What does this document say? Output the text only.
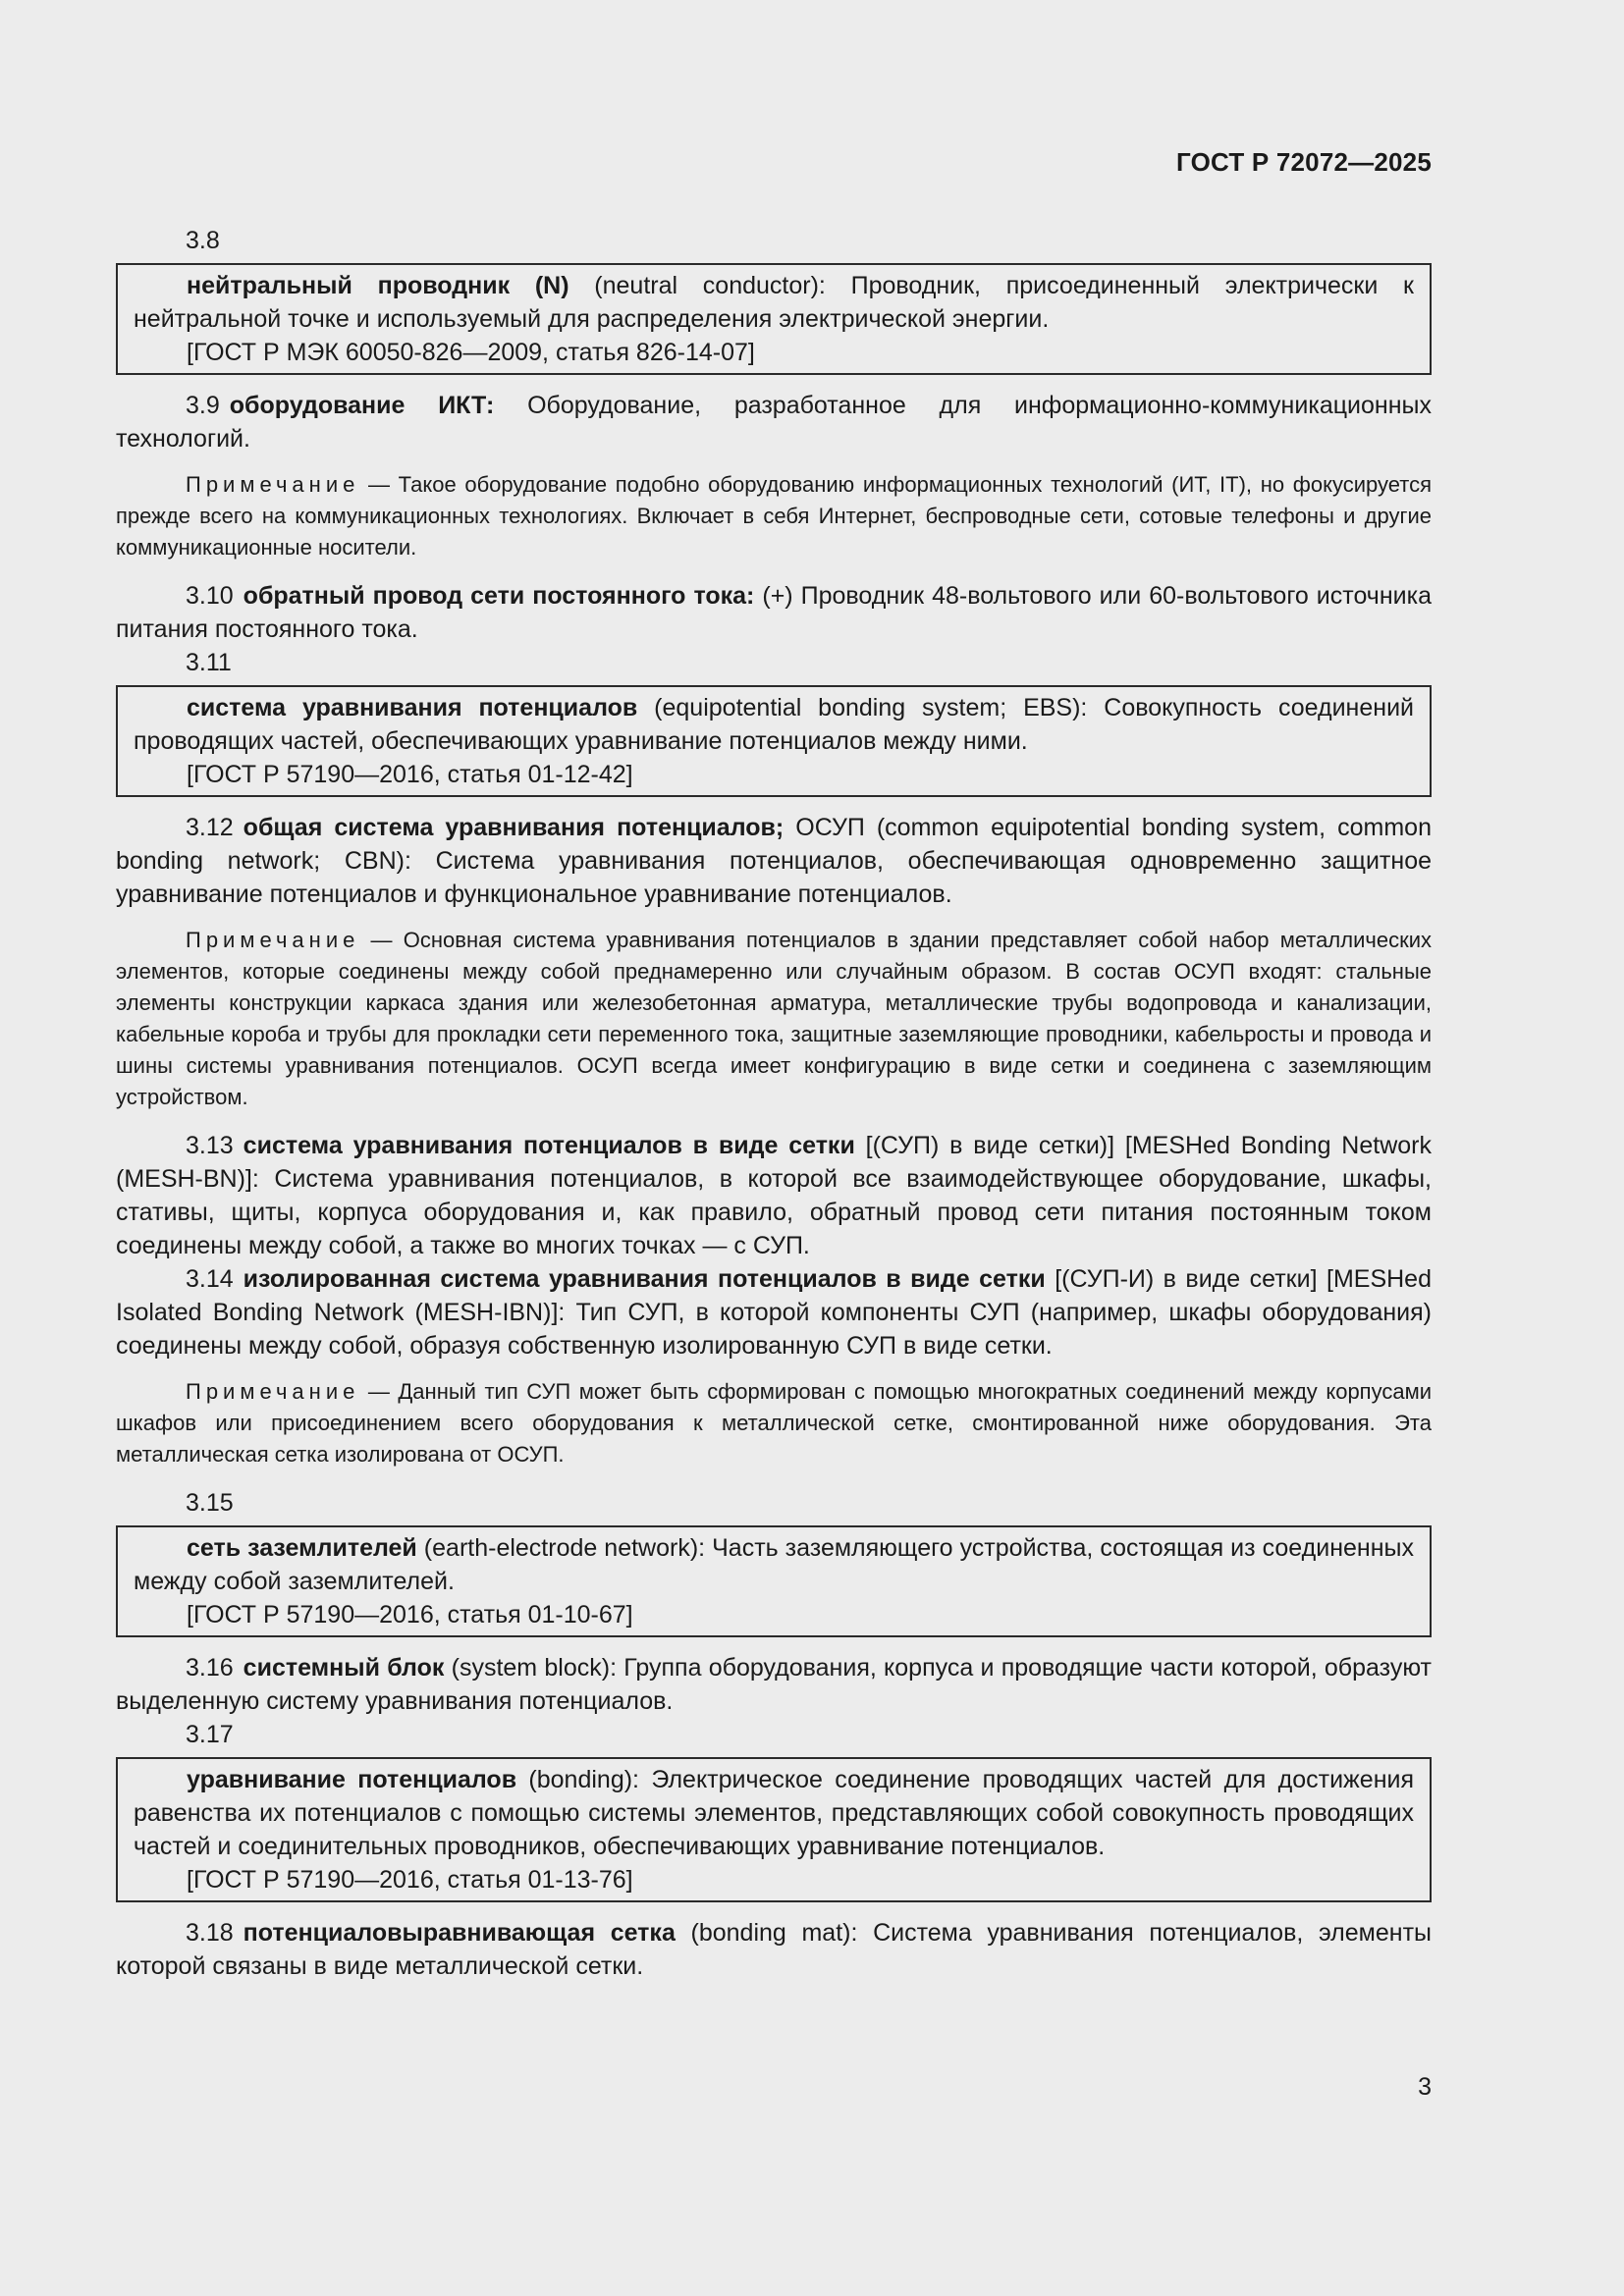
ГОСТ Р 72072—2025

3.8

нейтральный проводник (N) (neutral conductor): Проводник, присоединенный электрически к нейтральной точке и используемый для распределения электрической энергии.

[ГОСТ Р МЭК 60050-826—2009, статья 826-14-07]

3.9 оборудование ИКТ: Оборудование, разработанное для информационно-коммуникационных технологий.

Примечание — Такое оборудование подобно оборудованию информационных технологий (ИТ, IT), но фокусируется прежде всего на коммуникационных технологиях. Включает в себя Интернет, беспроводные сети, сотовые телефоны и другие коммуникационные носители.

3.10 обратный провод сети постоянного тока: (+) Проводник 48-вольтового или 60-вольтового источника питания постоянного тока.

3.11

система уравнивания потенциалов (equipotential bonding system; EBS): Совокупность соединений проводящих частей, обеспечивающих уравнивание потенциалов между ними.

[ГОСТ Р 57190—2016, статья 01-12-42]

3.12 общая система уравнивания потенциалов; ОСУП (common equipotential bonding system, common bonding network; CBN): Система уравнивания потенциалов, обеспечивающая одновременно защитное уравнивание потенциалов и функциональное уравнивание потенциалов.

Примечание — Основная система уравнивания потенциалов в здании представляет собой набор металлических элементов, которые соединены между собой преднамеренно или случайным образом. В состав ОСУП входят: стальные элементы конструкции каркаса здания или железобетонная арматура, металлические трубы водопровода и канализации, кабельные короба и трубы для прокладки сети переменного тока, защитные заземляющие проводники, кабельросты и провода и шины системы уравнивания потенциалов. ОСУП всегда имеет конфигурацию в виде сетки и соединена с заземляющим устройством.

3.13 система уравнивания потенциалов в виде сетки [(СУП) в виде сетки)] [MESHed Bonding Network (MESH-BN)]: Система уравнивания потенциалов, в которой все взаимодействующее оборудование, шкафы, стативы, щиты, корпуса оборудования и, как правило, обратный провод сети питания постоянным током соединены между собой, а также во многих точках — с СУП.

3.14 изолированная система уравнивания потенциалов в виде сетки [(СУП-И) в виде сетки] [MESHed Isolated Bonding Network (MESH-IBN)]: Тип СУП, в которой компоненты СУП (например, шкафы оборудования) соединены между собой, образуя собственную изолированную СУП в виде сетки.

Примечание — Данный тип СУП может быть сформирован с помощью многократных соединений между корпусами шкафов или присоединением всего оборудования к металлической сетке, смонтированной ниже оборудования. Эта металлическая сетка изолирована от ОСУП.

3.15

сеть заземлителей (earth-electrode network): Часть заземляющего устройства, состоящая из соединенных между собой заземлителей.

[ГОСТ Р 57190—2016, статья 01-10-67]

3.16 системный блок (system block): Группа оборудования, корпуса и проводящие части которой, образуют выделенную систему уравнивания потенциалов.

3.17

уравнивание потенциалов (bonding): Электрическое соединение проводящих частей для достижения равенства их потенциалов с помощью системы элементов, представляющих собой совокупность проводящих частей и соединительных проводников, обеспечивающих уравнивание потенциалов.

[ГОСТ Р 57190—2016, статья 01-13-76]

3.18 потенциаловыравнивающая сетка (bonding mat): Система уравнивания потенциалов, элементы которой связаны в виде металлической сетки.

3
